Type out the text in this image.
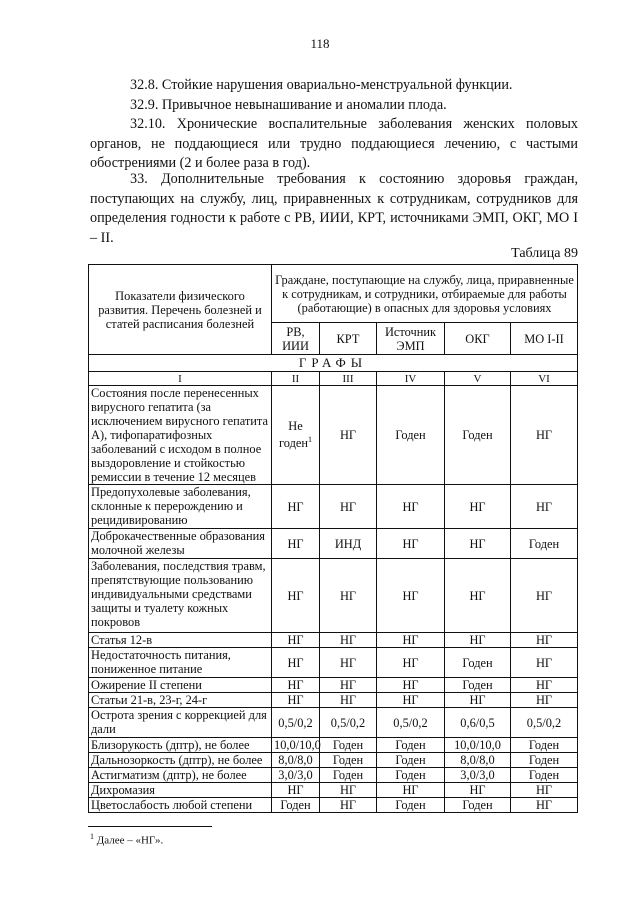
118
32.8. Стойкие нарушения овариально-менструальной функции.
32.9. Привычное невынашивание и аномалии плода.
32.10. Хронические воспалительные заболевания женских половых органов, не поддающиеся или трудно поддающиеся лечению, с частыми обострениями (2 и более раза в год).
33. Дополнительные требования к состоянию здоровья граждан, поступающих на службу, лиц, приравненных к сотрудникам, сотрудников для определения годности к работе с РВ, ИИИ, КРТ, источниками ЭМП, ОКГ, МО I – II.
Таблица 89
Показатели физического развития. Перечень болезней и статей расписания болезней	Граждане, поступающие на службу, лица, приравненные к сотрудникам, и сотрудники, отбираемые для работы (работающие) в опасных для здоровья условиях				
	РВ, ИИИ	КРТ	Источник ЭМП	ОКГ	МО I-II
ГРАФЫ					
I	II	III	IV	V	VI
Состояния после перенесенных вирусного гепатита (за исключением вирусного гепатита А), тифопаратифозных заболеваний с исходом в полное выздоровление и стойкостью ремиссии в течение 12 месяцев	Не годен$^1$	НГ	Годен	Годен	НГ
Предопухолевые заболевания, склонные к перерождению и рецидивированию	НГ	НГ	НГ	НГ	НГ
Доброкачественные образования молочной железы	НГ	ИНД	НГ	НГ	Годен
Заболевания, последствия травм, препятствующие пользованию индивидуальными средствами защиты и туалету кожных покровов	НГ	НГ	НГ	НГ	НГ
Статья 12-в	НГ	НГ	НГ	НГ	НГ
Недостаточность питания, пониженное питание	НГ	НГ	НГ	Годен	НГ
Ожирение II степени	НГ	НГ	НГ	Годен	НГ
Статьи 21-в, 23-г, 24-г	НГ	НГ	НГ	НГ	НГ
Острота зрения с коррекцией для дали	0,5/0,2	0,5/0,2	0,5/0,2	0,6/0,5	0,5/0,2
Близорукость (дптр), не более	10,0/10,0	Годен	Годен	10,0/10,0	Годен
Дальнозоркость (дптр), не более	8,0/8,0	Годен	Годен	8,0/8,0	Годен
Астигматизм (дптр), не более	3,0/3,0	Годен	Годен	3,0/3,0	Годен
Дихромазия	НГ	НГ	НГ	НГ	НГ
Цветослабость любой степени	Годен	НГ	Годен	Годен	НГ
$^1$ Далее – «НГ».
